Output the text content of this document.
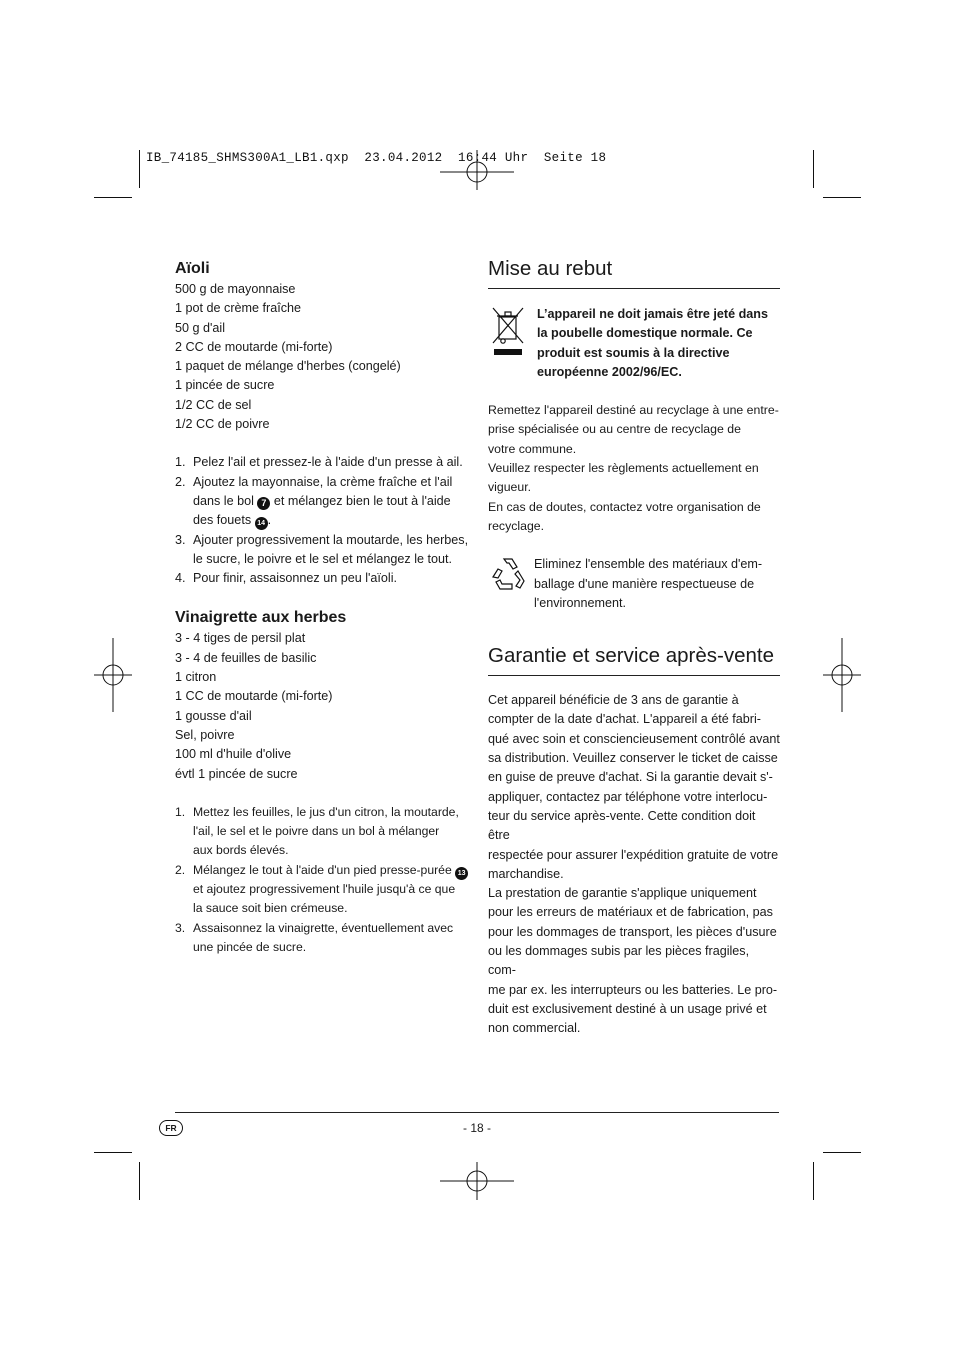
IB_74185_SHMS300A1_LB1.qxp  23.04.2012  16:44 Uhr  Seite 18
Aïoli
500 g de mayonnaise
1 pot de crème fraîche
50 g d'ail
2 CC de moutarde (mi-forte)
1 paquet de mélange d'herbes (congelé)
1 pincée de sucre
1/2 CC de sel
1/2 CC de poivre
1. Pelez l'ail et pressez-le à l'aide d'un presse à ail.
2. Ajoutez la mayonnaise, la crème fraîche et l'ail
dans le bol 7 et mélangez bien le tout à l'aide
des fouets 14 .
3. Ajouter progressivement la moutarde, les herbes,
le sucre, le poivre et le sel et mélangez le tout.
4. Pour finir, assaisonnez un peu l'aïoli.
Vinaigrette aux herbes
3 - 4 tiges de persil plat
3 - 4 de feuilles de basilic
1 citron
1 CC de moutarde (mi-forte)
1 gousse d'ail
Sel, poivre
100 ml d'huile d'olive
évtl 1 pincée de sucre
1. Mettez les feuilles, le jus d'un citron, la moutarde,
l'ail, le sel et le poivre dans un bol à mélanger
aux bords élevés.
2. Mélangez le tout à l'aide d'un pied presse-purée 13
et ajoutez progressivement l'huile jusqu'à ce que
la sauce soit bien crémeuse.
3. Assaisonnez la vinaigrette, éventuellement avec
une pincée de sucre.
Mise au rebut
L’appareil ne doit jamais être jeté dans
la poubelle domestique normale. Ce
produit est soumis à la directive
européenne 2002/96/EC.
Remettez l'appareil destiné au recyclage à une entre-
prise spécialisée ou au centre de recyclage de
votre commune.
Veuillez respecter les règlements actuellement en
vigueur.
En cas de doutes, contactez votre organisation de
recyclage.
Eliminez l'ensemble des matériaux d'em-
ballage d'une manière respectueuse de
l'environnement.
Garantie et service après-vente
Cet appareil bénéficie de 3 ans de garantie à
compter de la date d'achat. L'appareil a été fabri-
qué avec soin et consciencieusement contrôlé avant
sa distribution. Veuillez conserver le ticket de caisse
en guise de preuve d'achat. Si la garantie devait s'-
appliquer, contactez par téléphone votre interlocu-
teur du service après-vente. Cette condition doit être
respectée pour assurer l'expédition gratuite de votre
marchandise.
La prestation de garantie s'applique uniquement
pour les erreurs de matériaux et de fabrication, pas
pour les dommages de transport, les pièces d'usure
ou les dommages subis par les pièces fragiles, com-
me par ex. les interrupteurs ou les batteries. Le pro-
duit est exclusivement destiné à un usage privé et
non commercial.
FR	- 18 -
